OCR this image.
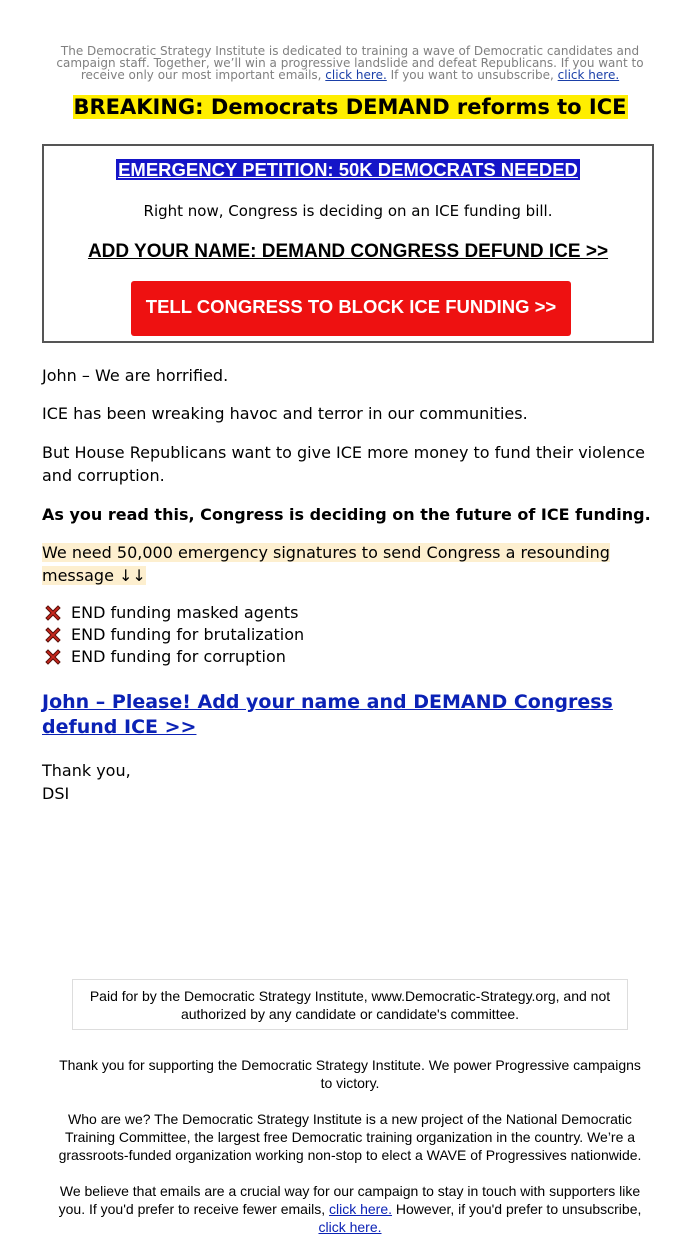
The Democratic Strategy Institute is dedicated to training a wave of Democratic candidates and campaign staff. Together, we’ll win a progressive landslide and defeat Republicans. If you want to receive only our most important emails, click here. If you want to unsubscribe, click here.
BREAKING: Democrats DEMAND reforms to ICE
EMERGENCY PETITION: 50K DEMOCRATS NEEDED
Right now, Congress is deciding on an ICE funding bill.
ADD YOUR NAME: DEMAND CONGRESS DEFUND ICE >>
TELL CONGRESS TO BLOCK ICE FUNDING >>

John – We are horrified.

ICE has been wreaking havoc and terror in our communities.

But House Republicans want to give ICE more money to fund their violence and corruption.

As you read this, Congress is deciding on the future of ICE funding.

We need 50,000 emergency signatures to send Congress a resounding message ↓↓

END funding masked agents
END funding for brutalization
END funding for corruption
John – Please! Add your name and DEMAND Congress defund ICE >>
Thank you,
DSI
Paid for by the Democratic Strategy Institute, www.Democratic-Strategy.org, and not authorized by any candidate or candidate's committee.

Thank you for supporting the Democratic Strategy Institute. We power Progressive campaigns to victory.

Who are we? The Democratic Strategy Institute is a new project of the National Democratic Training Committee, the largest free Democratic training organization in the country. We’re a grassroots-funded organization working non-stop to elect a WAVE of Progressives nationwide.

We believe that emails are a crucial way for our campaign to stay in touch with supporters like you. If you'd prefer to receive fewer emails, click here. However, if you'd prefer to unsubscribe, click here.
